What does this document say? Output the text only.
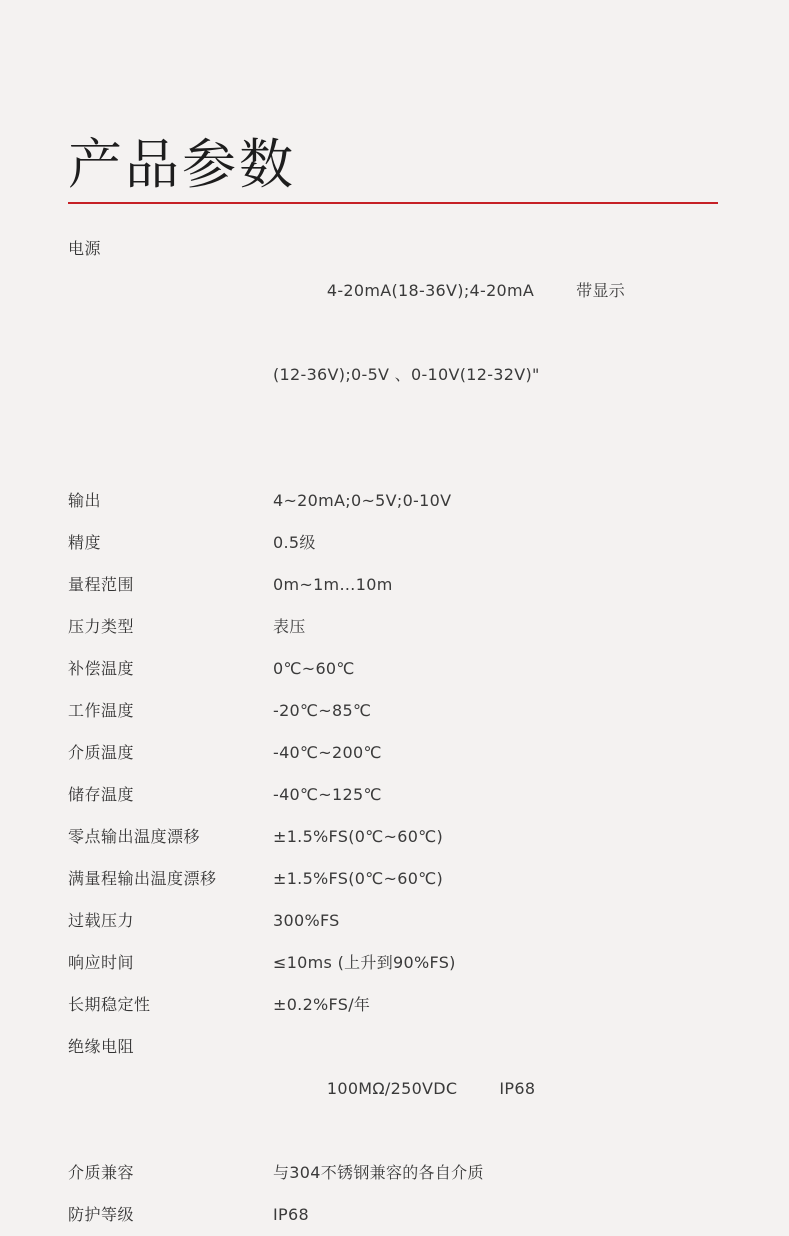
产品参数
电源	4-20mA(18-36V);4-20mA 带显示

(12-36V);0-5V 、0-10V(12-32V)"

输出	4~20mA;0~5V;0-10V
精度	0.5级
量程范围	0m~1m…10m
压力类型	表压
补偿温度	0℃~60℃
工作温度	-20℃~85℃
介质温度	-40℃~200℃
储存温度	-40℃~125℃
零点输出温度漂移	±1.5%FS(0℃~60℃)
满量程输出温度漂移	±1.5%FS(0℃~60℃)
过载压力	300%FS
响应时间	≤10ms (上升到90%FS)
长期稳定性	±0.2%FS/年
绝缘电阻	100MΩ/250VDC IP68

介质兼容	与304不锈钢兼容的各自介质
防护等级	IP68
